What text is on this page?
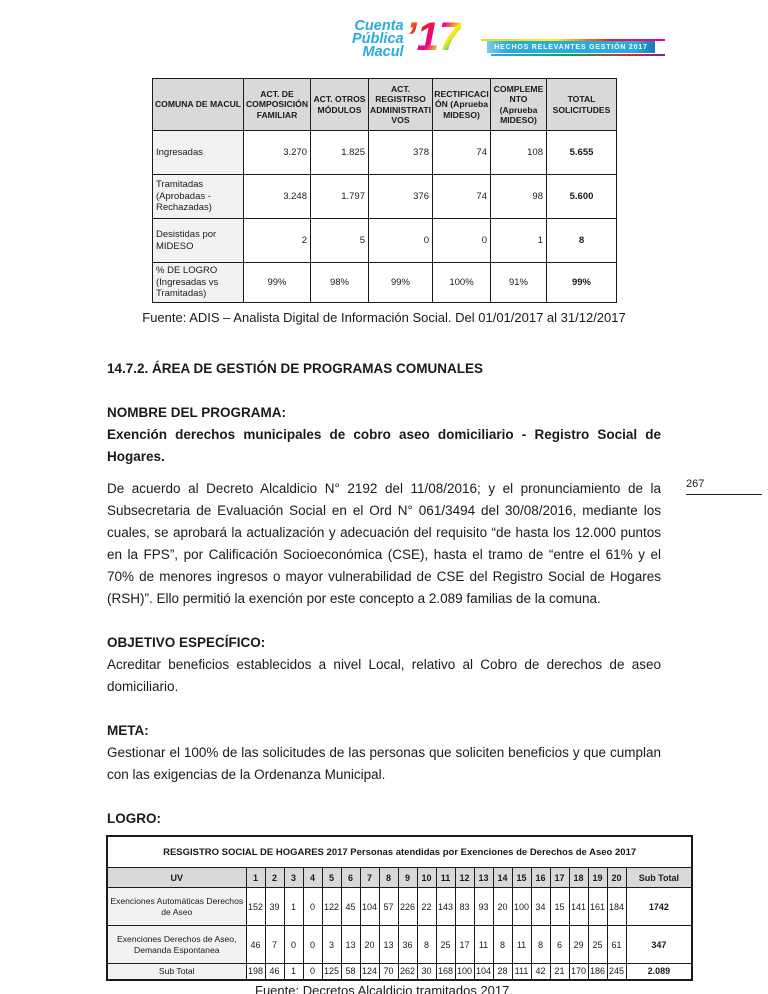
Cuenta
Pública
Macul ’17	HECHOS RELEVANTES GESTIÓN 2017
COMUNA DE MACUL	ACT. DE COMPOSICIÓN FAMILIAR	ACT. OTROS MÓDULOS	ACT. REGISTRSO ADMINISTRATIVOS	RECTIFICACIÓN (Aprueba MIDESO)	COMPLEMENTO (Aprueba MIDESO)	TOTAL SOLICITUDES
Ingresadas	3.270	1.825	378	74	108	5.655
Tramitadas (Aprobadas - Rechazadas)	3.248	1.797	376	74	98	5.600
Desistidas por MIDESO	2	5	0	0	1	8
% DE LOGRO (Ingresadas vs Tramitadas)	99%	98%	99%	100%	91%	99%
Fuente: ADIS – Analista Digital de Información Social. Del 01/01/2017 al 31/12/2017
14.7.2. ÁREA DE GESTIÓN DE PROGRAMAS COMUNALES
NOMBRE DEL PROGRAMA:
Exención derechos municipales de cobro aseo domiciliario - Registro Social de Hogares.
De acuerdo al Decreto Alcaldicio N° 2192 del 11/08/2016; y el pronunciamiento de la Subsecretaria de Evaluación Social en el Ord N° 061/3494 del 30/08/2016, mediante los cuales, se aprobará la actualización y adecuación del requisito “de hasta los 12.000 puntos en la FPS”, por Calificación Socioeconómica (CSE), hasta el tramo de “entre el 61% y el 70% de menores ingresos o mayor vulnerabilidad de CSE del Registro Social de Hogares (RSH)”. Ello permitió la exención por este concepto a 2.089 familias de la comuna.
OBJETIVO ESPECÍFICO:
Acreditar beneficios establecidos a nivel Local, relativo al Cobro de derechos de aseo domiciliario.
META:
Gestionar el 100% de las solicitudes de las personas que soliciten beneficios y que cumplan con las exigencias de la Ordenanza Municipal.
LOGRO:
267
RESGISTRO SOCIAL DE HOGARES 2017 Personas atendidas por Exenciones de Derechos de Aseo 2017																					
UV	1	2	3	4	5	6	7	8	9	10	11	12	13	14	15	16	17	18	19	20	Sub Total
Exenciones Automáticas Derechos de Aseo	152	39	1	0	122	45	104	57	226	22	143	83	93	20	100	34	15	141	161	184	1742
Exenciones Derechos de Aseo, Demanda Espontanea	46	7	0	0	3	13	20	13	36	8	25	17	11	8	11	8	6	29	25	61	347
Sub Total	198	46	1	0	125	58	124	70	262	30	168	100	104	28	111	42	21	170	186	245	2.089
Fuente: Decretos Alcaldicio tramitados 2017.
